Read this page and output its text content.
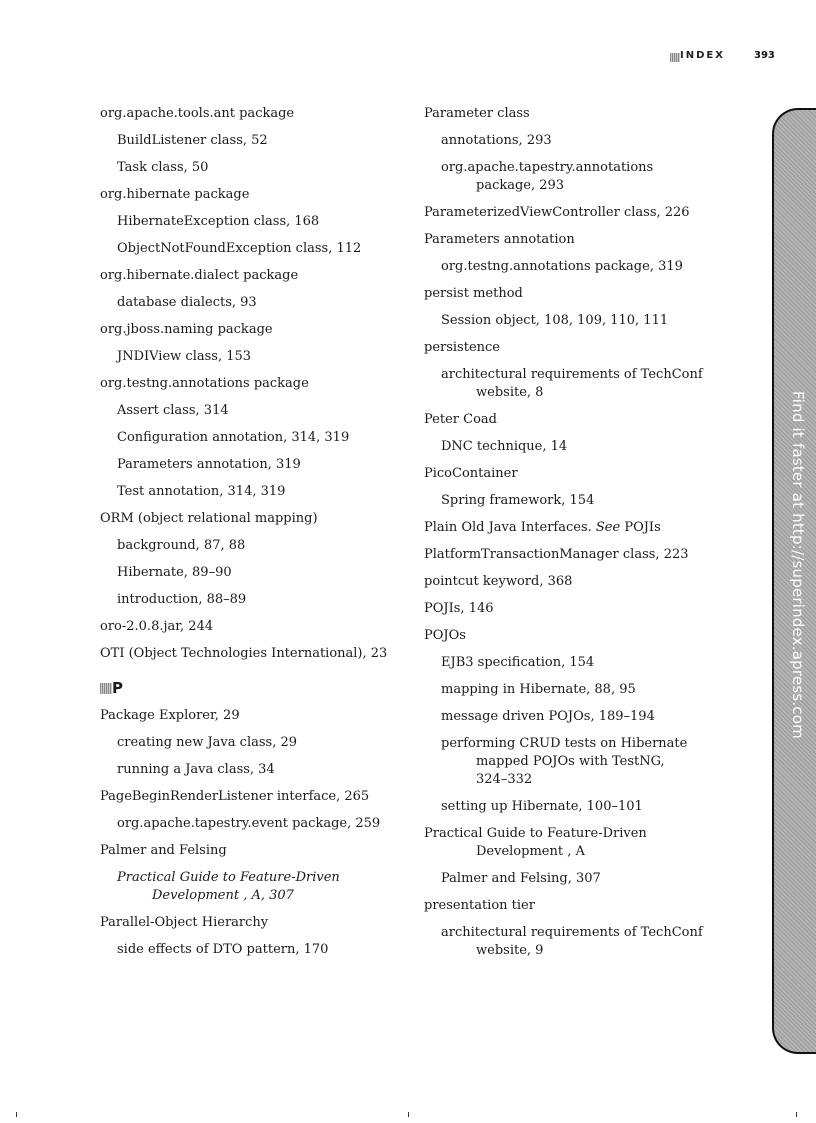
INDEX	393
org.apache.tools.ant package
BuildListener class, 52
Task class, 50
org.hibernate package
HibernateException class, 168
ObjectNotFoundException class, 112
org.hibernate.dialect package
database dialects, 93
org.jboss.naming package
JNDIView class, 153
org.testng.annotations package
Assert class, 314
Configuration annotation, 314, 319
Parameters annotation, 319
Test annotation, 314, 319
ORM (object relational mapping)
background, 87, 88
Hibernate, 89–90
introduction, 88–89
oro-2.0.8.jar, 244
OTI (Object Technologies International), 23
P
Package Explorer, 29
creating new Java class, 29
running a Java class, 34
PageBeginRenderListener interface, 265
org.apache.tapestry.event package, 259
Palmer and Felsing
Practical Guide to Feature-Driven
Development , A, 307
Parallel-Object Hierarchy
side effects of DTO pattern, 170
Parameter class
annotations, 293
org.apache.tapestry.annotations
package, 293
ParameterizedViewController class, 226
Parameters annotation
org.testng.annotations package, 319
persist method
Session object, 108, 109, 110, 111
persistence
architectural requirements of TechConf
website, 8
Peter Coad
DNC technique, 14
PicoContainer
Spring framework, 154
Plain Old Java Interfaces. See POJIs
PlatformTransactionManager class, 223
pointcut keyword, 368
POJIs, 146
POJOs
EJB3 specification, 154
mapping in Hibernate, 88, 95
message driven POJOs, 189–194
performing CRUD tests on Hibernate
mapped POJOs with TestNG,
324–332
setting up Hibernate, 100–101
Practical Guide to Feature-Driven
Development , A
Palmer and Felsing, 307
presentation tier
architectural requirements of TechConf
website, 9
Find it faster at http://superindex.apress.com
